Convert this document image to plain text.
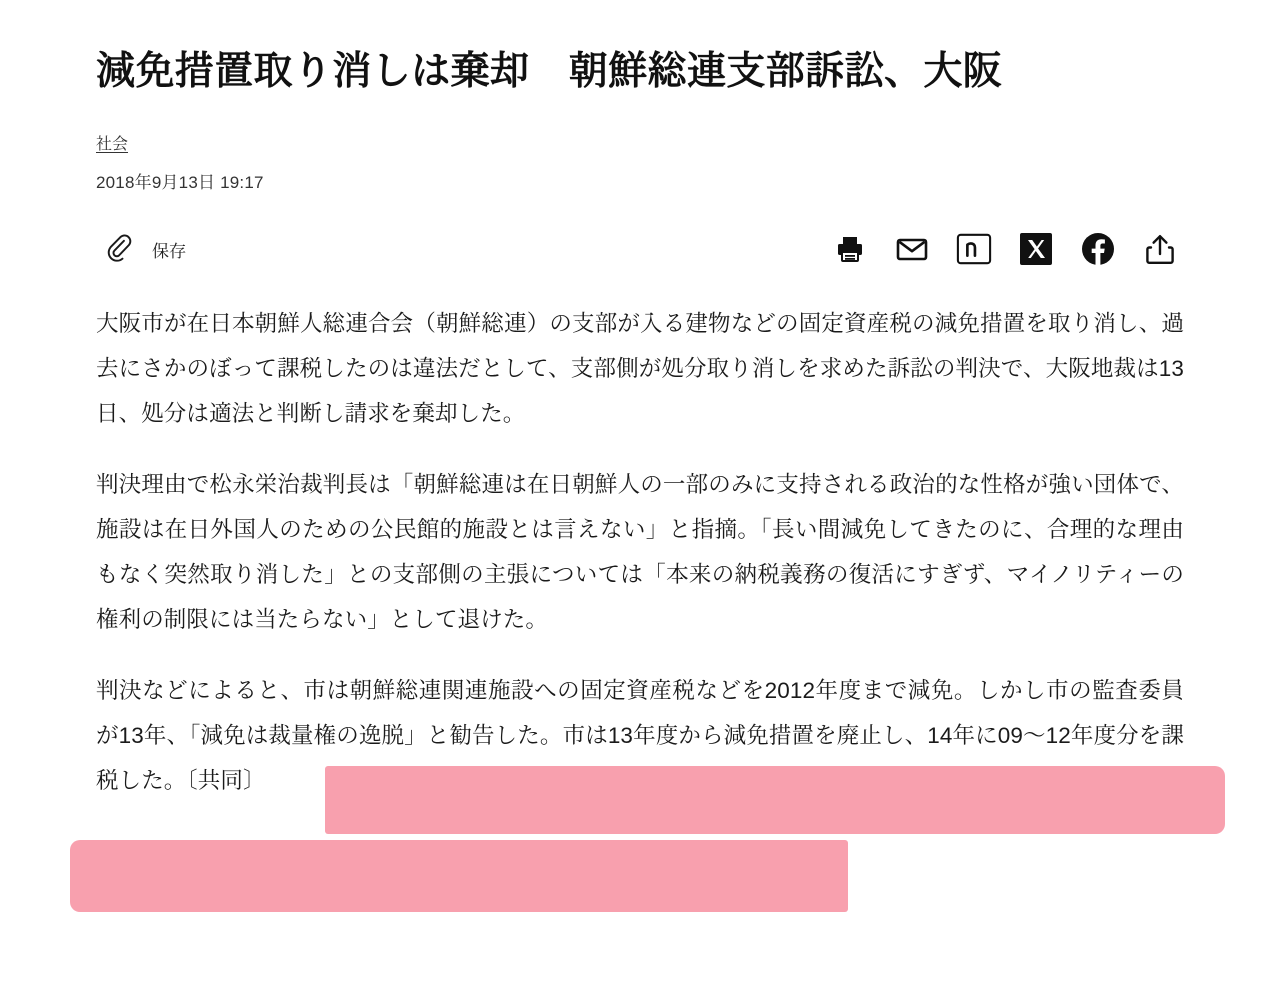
減免措置取り消しは棄却　朝鮮総連支部訴訟、大阪
社会
2018年9月13日 19:17
保存

大阪市が在日本朝鮮人総連合会（朝鮮総連）の支部が入る建物などの固定資産税の減免措置を取り消し、過去にさかのぼって課税したのは違法だとして、支部側が処分取り消しを求めた訴訟の判決で、大阪地裁は13日、処分は適法と判断し請求を棄却した。

判決理由で松永栄治裁判長は「朝鮮総連は在日朝鮮人の一部のみに支持される政治的な性格が強い団体で、施設は在日外国人のための公民館的施設とは言えない」と指摘。「長い間減免してきたのに、合理的な理由もなく突然取り消した」との支部側の主張については「本来の納税義務の復活にすぎず、マイノリティーの権利の制限には当たらない」として退けた。

判決などによると、市は朝鮮総連関連施設への固定資産税などを2012年度まで減免。しかし市の監査委員が13年、「減免は裁量権の逸脱」と勧告した。市は13年度から減免措置を廃止し、14年に09〜12年度分を課税した。〔共同〕
